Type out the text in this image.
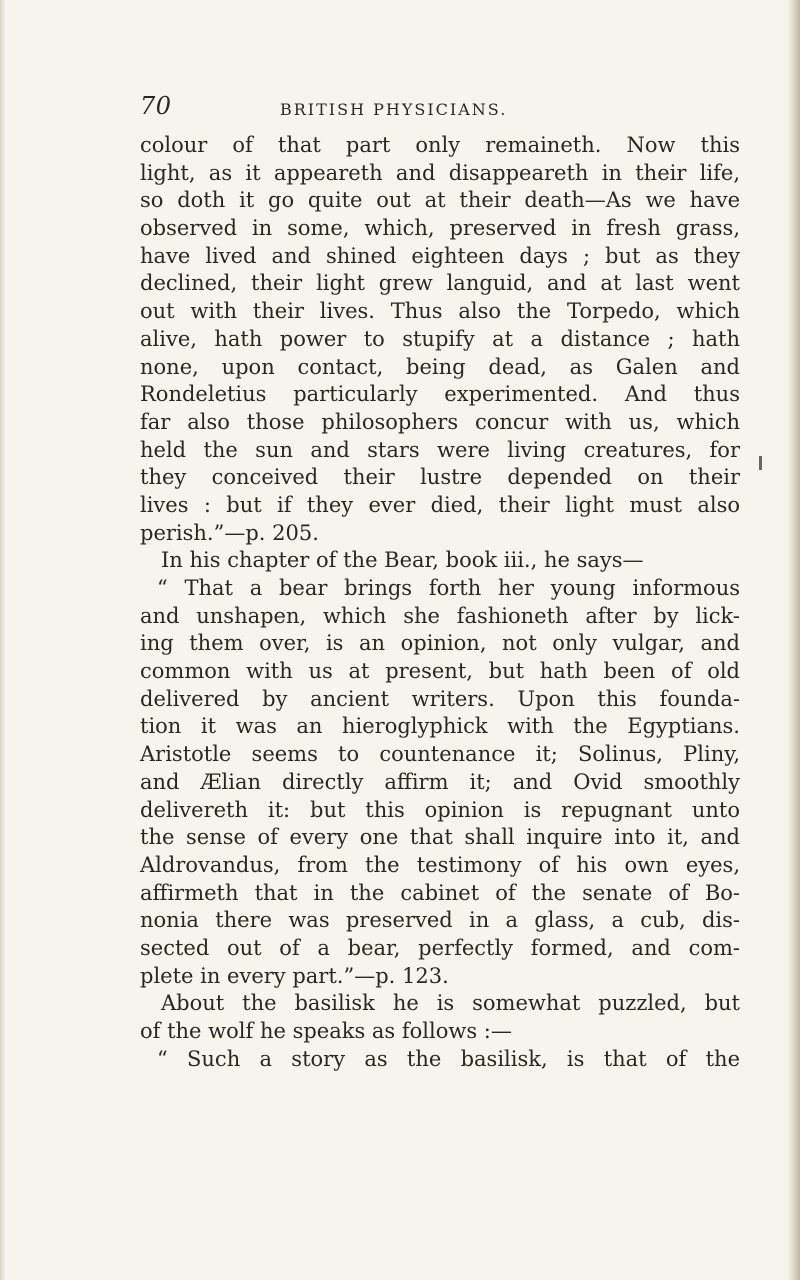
70	BRITISH PHYSICIANS.
colour of that part only remaineth. Now this
light, as it appeareth and disappeareth in their life,
so doth it go quite out at their death—As we have
observed in some, which, preserved in fresh grass,
have lived and shined eighteen days ; but as they
declined, their light grew languid, and at last went
out with their lives. Thus also the Torpedo, which
alive, hath power to stupify at a distance ; hath
none, upon contact, being dead, as Galen and
Rondeletius particularly experimented. And thus
far also those philosophers concur with us, which
held the sun and stars were living creatures, for
they conceived their lustre depended on their
lives : but if they ever died, their light must also
perish.”—p. 205.
In his chapter of the Bear, book iii., he says—
“ That a bear brings forth her young informous
and unshapen, which she fashioneth after by lick-
ing them over, is an opinion, not only vulgar, and
common with us at present, but hath been of old
delivered by ancient writers. Upon this founda-
tion it was an hieroglyphick with the Egyptians.
Aristotle seems to countenance it; Solinus, Pliny,
and Ælian directly affirm it; and Ovid smoothly
delivereth it: but this opinion is repugnant unto
the sense of every one that shall inquire into it, and
Aldrovandus, from the testimony of his own eyes,
affirmeth that in the cabinet of the senate of Bo-
nonia there was preserved in a glass, a cub, dis-
sected out of a bear, perfectly formed, and com-
plete in every part.”—p. 123.
About the basilisk he is somewhat puzzled, but
of the wolf he speaks as follows :—
“ Such a story as the basilisk, is that of the
